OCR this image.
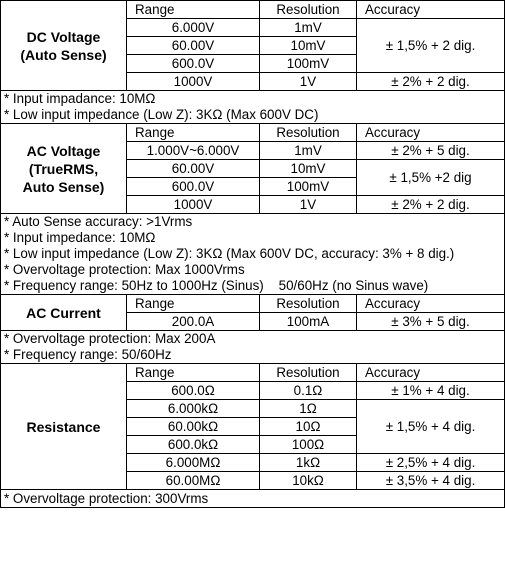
DC Voltage
(Auto Sense)	Range	Resolution	Accuracy
	6.000V	1mV	± 1,5% + 2 dig.
	60.00V	10mV	
	600.0V	100mV	
	1000V	1V	± 2% + 2 dig.
* Input impadance: 10MΩ
* Low input impedance (Low Z): 3KΩ (Max 600V DC)			
AC Voltage
(TrueRMS,
Auto Sense)	Range	Resolution	Accuracy
	1.000V~6.000V	1mV	± 2% + 5 dig.
	60.00V	10mV	± 1,5% +2 dig
	600.0V	100mV	
	1000V	1V	± 2% + 2 dig.
* Auto Sense accuracy: >1Vrms
* Input impedance: 10MΩ
* Low input impedance (Low Z): 3KΩ (Max 600V DC, accuracy: 3% + 8 dig.)
* Overvoltage protection: Max 1000Vrms
* Frequency range: 50Hz to 1000Hz (Sinus)    50/60Hz (no Sinus wave)			
AC Current	Range	Resolution	Accuracy
	200.0A	100mA	± 3% + 5 dig.
* Overvoltage protection: Max 200A
* Frequency range: 50/60Hz			
Resistance	Range	Resolution	Accuracy
	600.0Ω	0.1Ω	± 1% + 4 dig.
	6.000kΩ	1Ω	± 1,5% + 4 dig.
	60.00kΩ	10Ω	
	600.0kΩ	100Ω	
	6.000MΩ	1kΩ	± 2,5% + 4 dig.
	60.00MΩ	10kΩ	± 3,5% + 4 dig.
* Overvoltage protection: 300Vrms			
